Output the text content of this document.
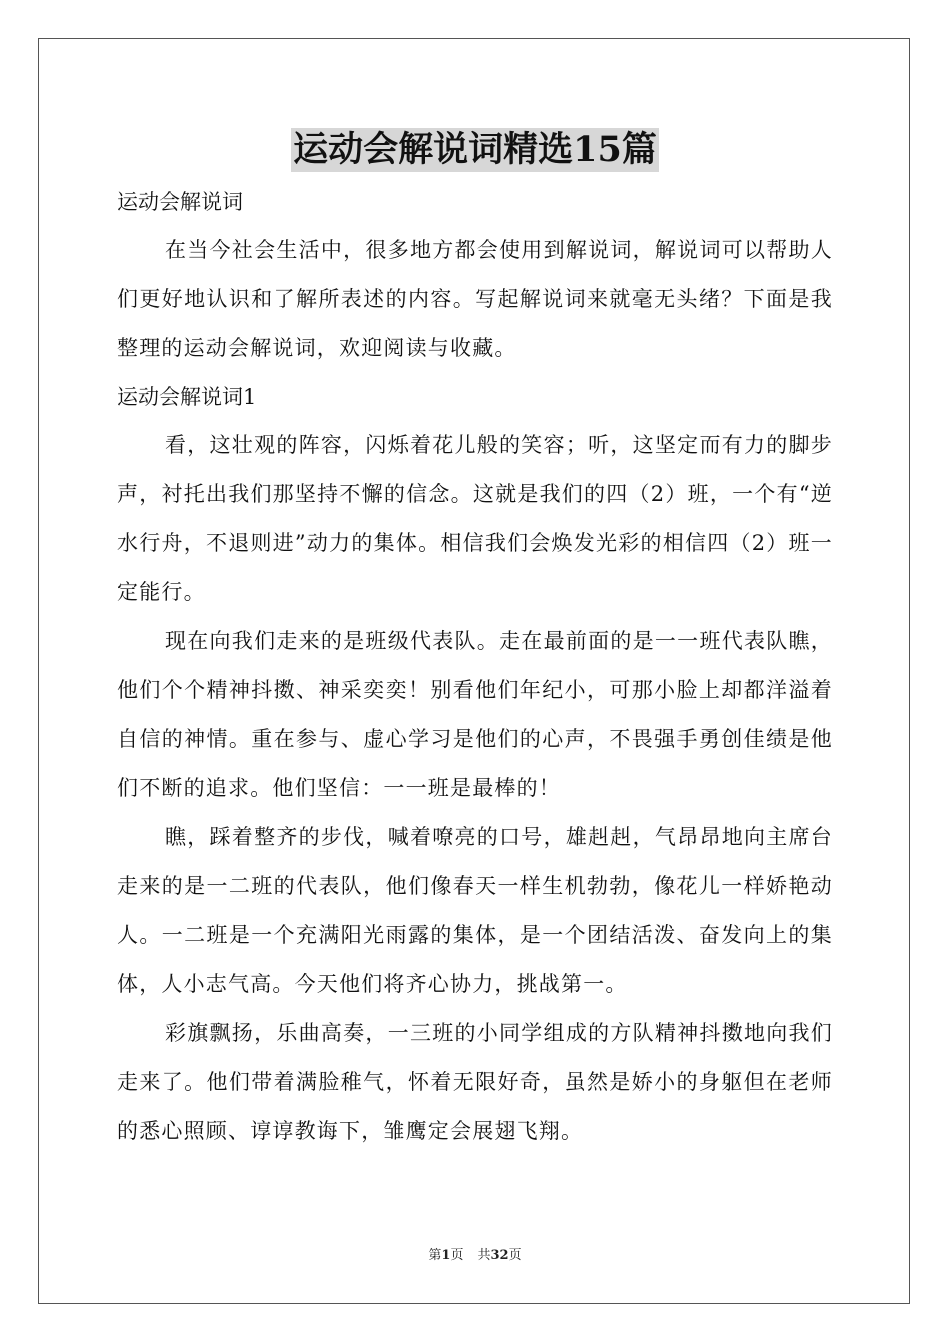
运动会解说词精选15篇

运动会解说词

在当今社会生活中，很多地方都会使用到解说词，解说词可以帮助人们更好地认识和了解所表述的内容。写起解说词来就毫无头绪？下面是我整理的运动会解说词，欢迎阅读与收藏。

运动会解说词1

看，这壮观的阵容，闪烁着花儿般的笑容；听，这坚定而有力的脚步声，衬托出我们那坚持不懈的信念。这就是我们的四（2）班，一个有“逆水行舟，不退则进”动力的集体。相信我们会焕发光彩的相信四（2）班一定能行。

现在向我们走来的是班级代表队。走在最前面的是一一班代表队瞧，他们个个精神抖擞、神采奕奕！别看他们年纪小，可那小脸上却都洋溢着自信的神情。重在参与、虚心学习是他们的心声，不畏强手勇创佳绩是他们不断的追求。他们坚信：一一班是最棒的！

瞧，踩着整齐的步伐，喊着嘹亮的口号，雄赳赳，气昂昂地向主席台走来的是一二班的代表队，他们像春天一样生机勃勃，像花儿一样娇艳动人。一二班是一个充满阳光雨露的集体，是一个团结活泼、奋发向上的集体，人小志气高。今天他们将齐心协力，挑战第一。

彩旗飘扬，乐曲高奏，一三班的小同学组成的方队精神抖擞地向我们走来了。他们带着满脸稚气，怀着无限好奇，虽然是娇小的身躯但在老师的悉心照顾、谆谆教诲下，雏鹰定会展翅飞翔。

第1页 共32页
